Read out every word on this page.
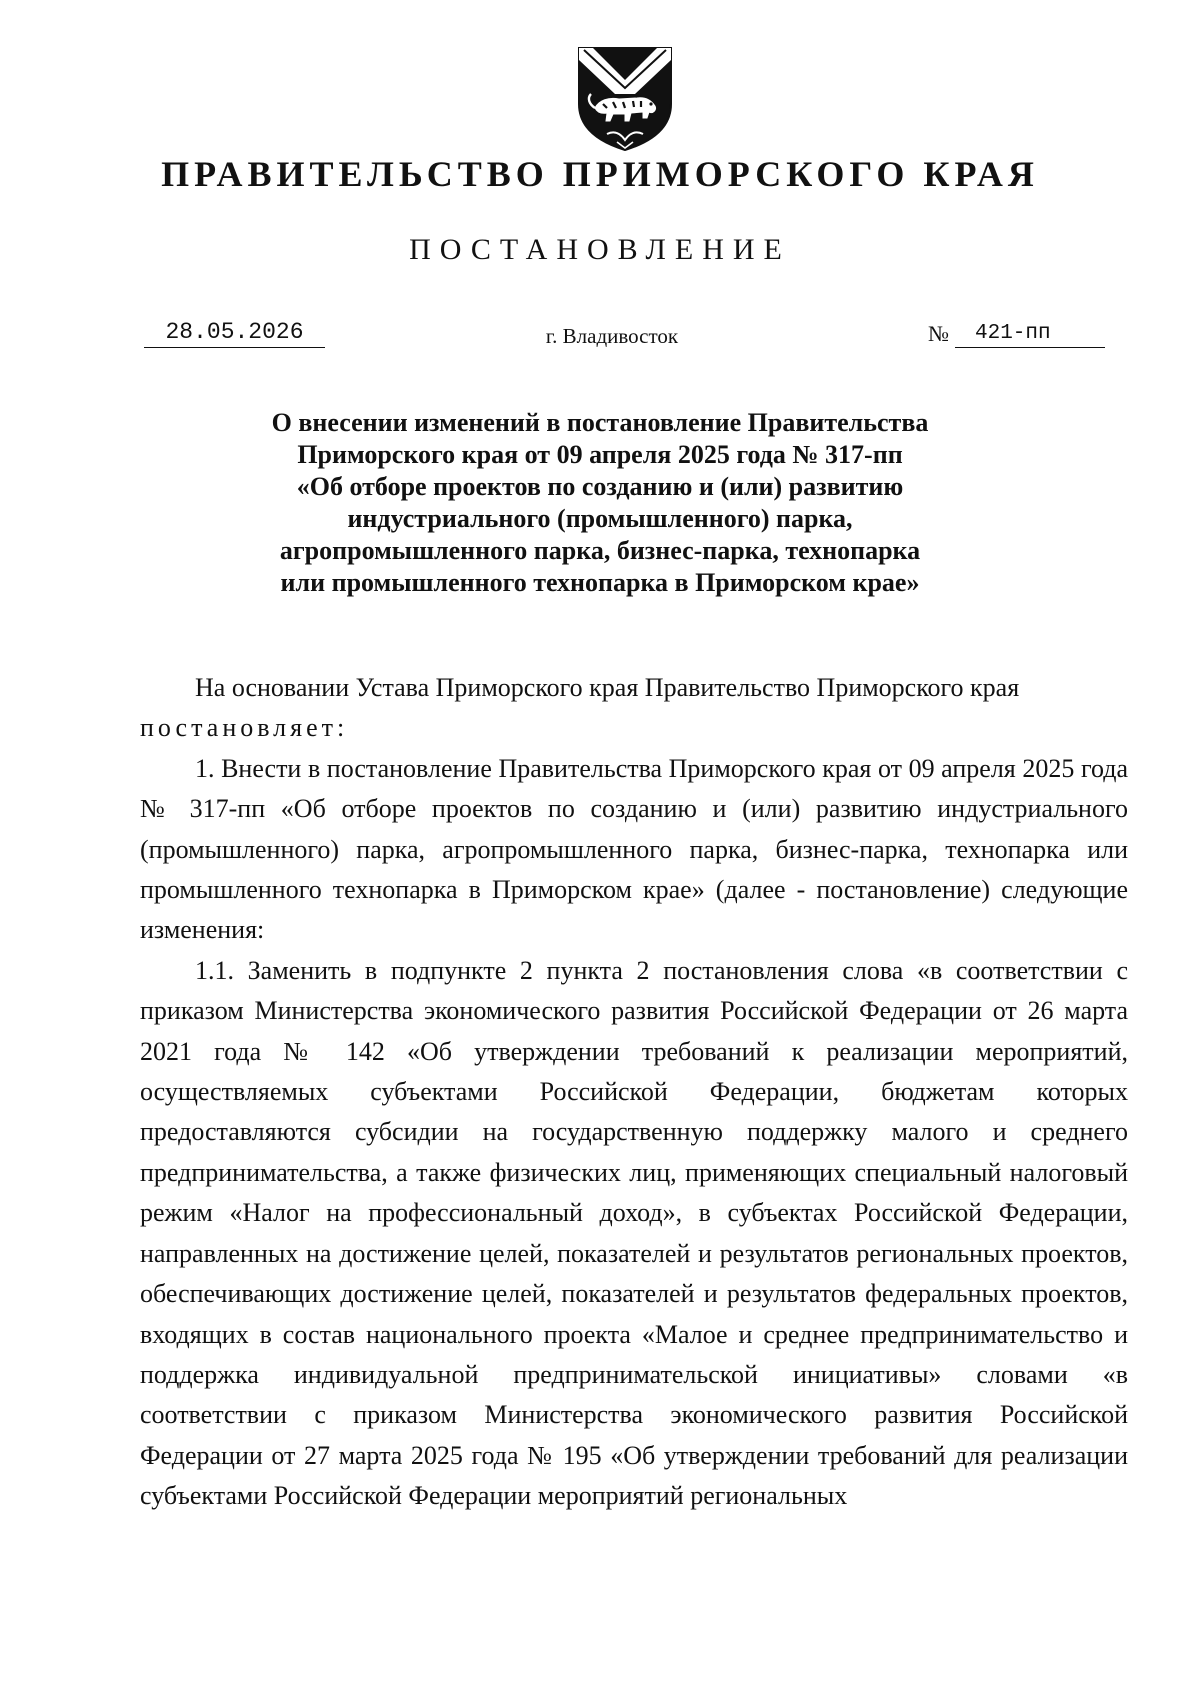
ПРАВИТЕЛЬСТВО ПРИМОРСКОГО КРАЯ
ПОСТАНОВЛЕНИЕ
28.05.2026	г. Владивосток	№	421-пп
О внесении изменений в постановление Правительства
Приморского края от 09 апреля 2025 года № 317-пп
«Об отборе проектов по созданию и (или) развитию
индустриального (промышленного) парка,
агропромышленного парка, бизнес-парка, технопарка
или промышленного технопарка в Приморском крае»

На основании Устава Приморского края Правительство Приморского края
постановляет:

1. Внести в постановление Правительства Приморского края от 09 апреля 2025 года № 317-пп «Об отборе проектов по созданию и (или) развитию индустриального (промышленного) парка, агропромышленного парка, бизнес-парка, технопарка или промышленного технопарка в Приморском крае» (далее - постановление) следующие изменения:

1.1. Заменить в подпункте 2 пункта 2 постановления слова «в соответствии с приказом Министерства экономического развития Российской Федерации от 26 марта 2021 года № 142 «Об утверждении требований к реализации мероприятий, осуществляемых субъектами Российской Федерации, бюджетам которых предоставляются субсидии на государственную поддержку малого и среднего предпринимательства, а также физических лиц, применяющих специальный налоговый режим «Налог на профессиональный доход», в субъектах Российской Федерации, направленных на достижение целей, показателей и результатов региональных проектов, обеспечивающих достижение целей, показателей и результатов федеральных проектов, входящих в состав национального проекта «Малое и среднее предпринимательство и поддержка индивидуальной предпринимательской инициативы» словами «в соответствии с приказом Министерства экономического развития Российской Федерации от 27 марта 2025 года № 195 «Об утверждении требований для реализации субъектами Российской Федерации мероприятий региональных
